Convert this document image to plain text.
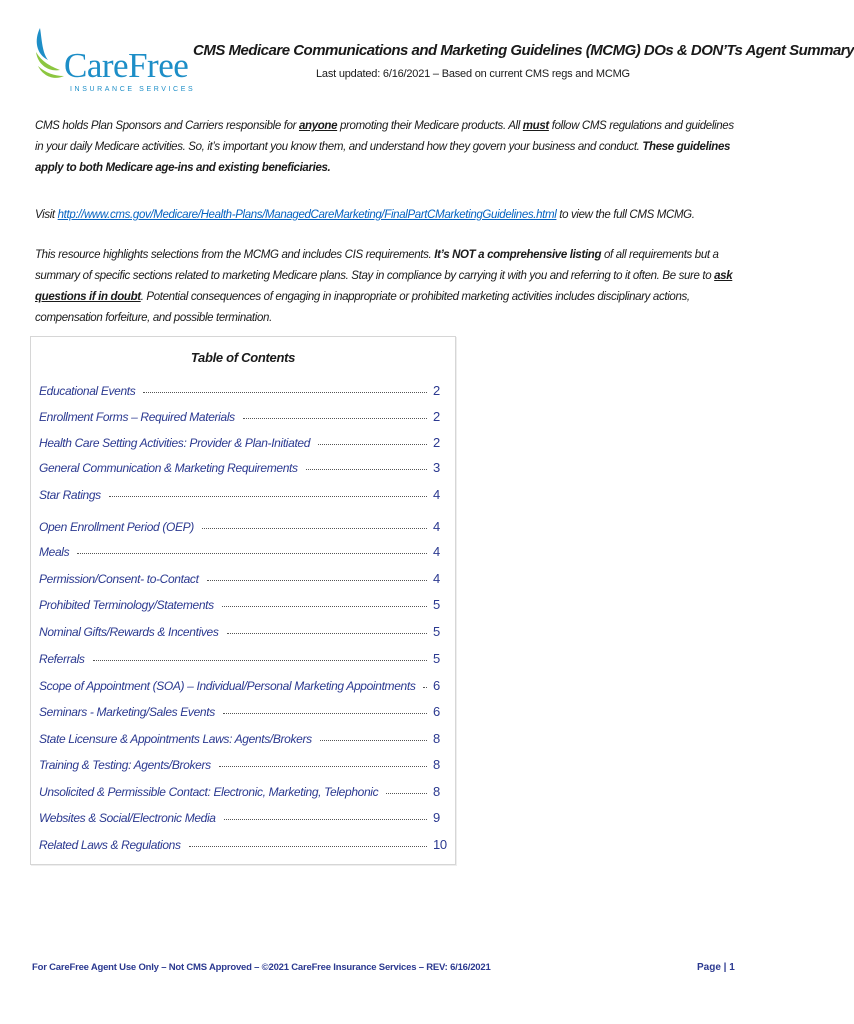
CareFree
INSURANCE SERVICES
CMS Medicare Communications and Marketing Guidelines (MCMG) DOs & DON’Ts Agent Summary
Last updated: 6/16/2021 – Based on current CMS regs and MCMG
CMS holds Plan Sponsors and Carriers responsible for anyone promoting their Medicare products. All must follow CMS regulations and guidelines in your daily Medicare activities. So, it’s important you know them, and understand how they govern your business and conduct. These guidelines apply to both Medicare age-ins and existing beneficiaries.
Visit http://www.cms.gov/Medicare/Health-Plans/ManagedCareMarketing/FinalPartCMarketingGuidelines.html to view the full CMS MCMG.
This resource highlights selections from the MCMG and includes CIS requirements. It’s NOT a comprehensive listing of all requirements but a summary of specific sections related to marketing Medicare plans. Stay in compliance by carrying it with you and referring to it often. Be sure to ask questions if in doubt. Potential consequences of engaging in inappropriate or prohibited marketing activities includes disciplinary actions, compensation forfeiture, and possible termination.
Table of Contents
Educational Events	2
Enrollment Forms – Required Materials	2
Health Care Setting Activities: Provider & Plan-Initiated	2
General Communication & Marketing Requirements	3
Star Ratings	4
Open Enrollment Period (OEP)	4
Meals	4
Permission/Consent- to-Contact	4
Prohibited Terminology/Statements	5
Nominal Gifts/Rewards & Incentives	5
Referrals	5
Scope of Appointment (SOA) – Individual/Personal Marketing Appointments 6
Seminars - Marketing/Sales Events	6
State Licensure & Appointments Laws: Agents/Brokers	8
Training & Testing: Agents/Brokers	8
Unsolicited & Permissible Contact: Electronic, Marketing, Telephonic	8
Websites & Social/Electronic Media	9
Related Laws & Regulations	10
For CareFree Agent Use Only – Not CMS Approved – ©2021 CareFree Insurance Services – REV: 6/16/2021	Page | 1
